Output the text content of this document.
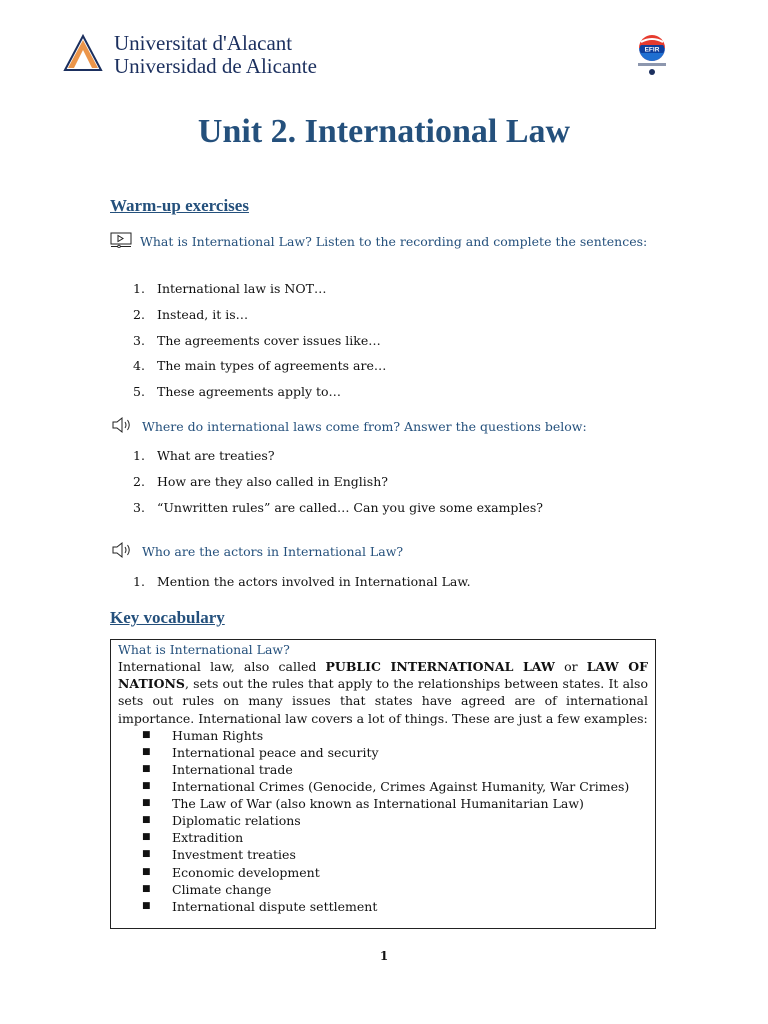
Universitat d'Alacant
Universidad de Alicante
EFIR
Unit 2. International Law
Warm-up exercises

What is International Law? Listen to the recording and complete the sentences:

1. International law is NOT…
2. Instead, it is…
3. The agreements cover issues like…
4. The main types of agreements are…
5. These agreements apply to…

Where do international laws come from? Answer the questions below:

1. What are treaties?
2. How are they also called in English?
3. “Unwritten rules” are called… Can you give some examples?

Who are the actors in International Law?

1. Mention the actors involved in International Law.
Key vocabulary

What is International Law?

International law, also called PUBLIC INTERNATIONAL LAW or LAW OF NATIONS, sets out the rules that apply to the relationships between states. It also sets out rules on many issues that states have agreed are of international importance. International law covers a lot of things. These are just a few examples:

■	Human Rights
■	International peace and security
■	International trade
■	International Crimes (Genocide, Crimes Against Humanity, War Crimes)
■	The Law of War (also known as International Humanitarian Law)
■	Diplomatic relations
■	Extradition
■	Investment treaties
■	Economic development
■	Climate change
■	International dispute settlement
1
